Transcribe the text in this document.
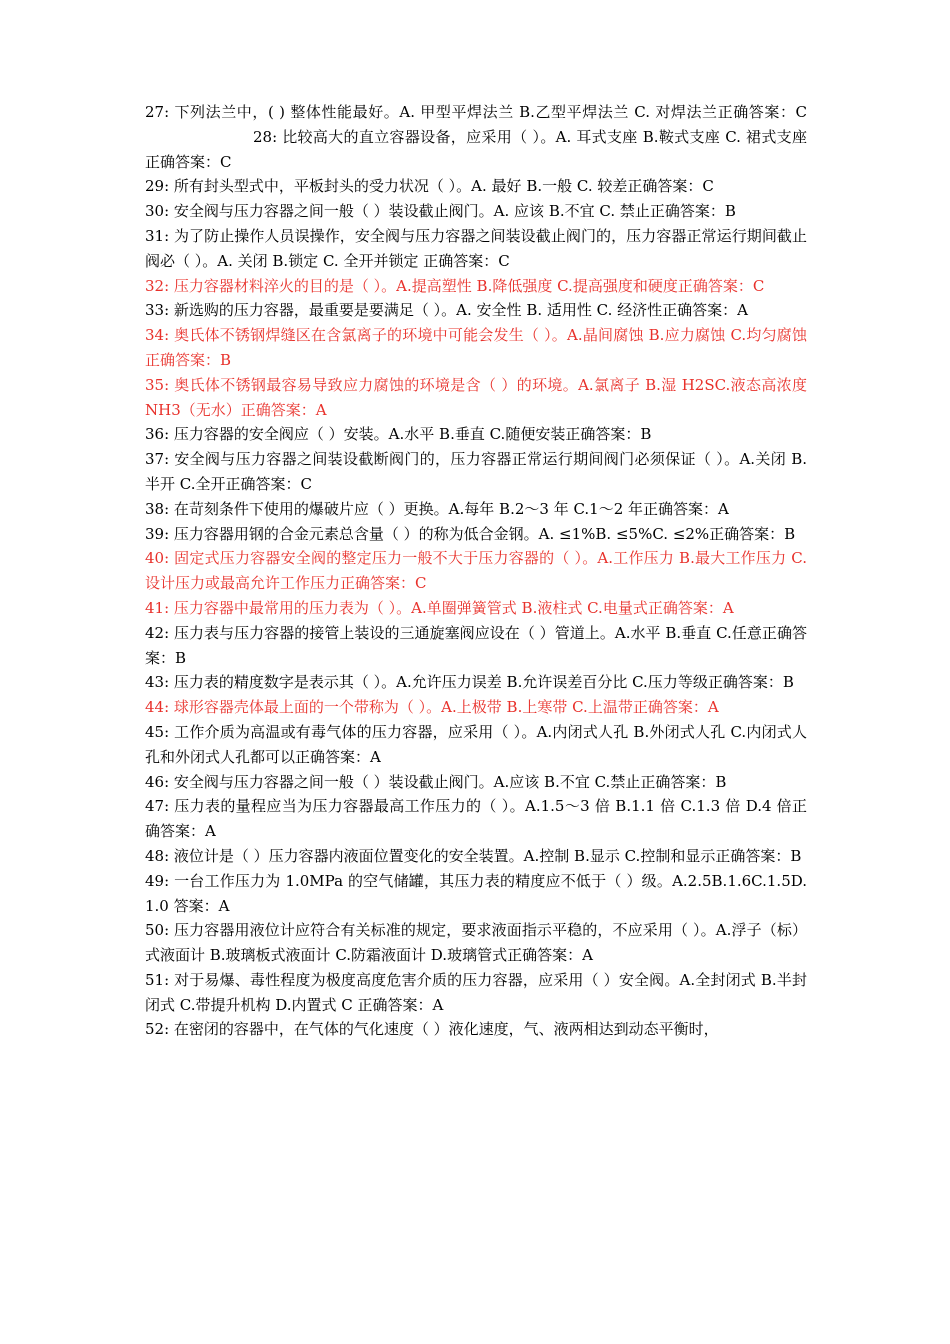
27: 下列法兰中，( ) 整体性能最好。A. 甲型平焊法兰 B.乙型平焊法兰 C. 对焊法兰正确答案：C28: 比较高大的直立容器设备，应采用（ ）。A. 耳式支座 B.鞍式支座 C. 裙式支座正确答案：C

29: 所有封头型式中，平板封头的受力状况（ ）。A. 最好 B.一般 C. 较差正确答案：C

30: 安全阀与压力容器之间一般（ ）装设截止阀门。A. 应该 B.不宜 C. 禁止正确答案：B

31: 为了防止操作人员误操作，安全阀与压力容器之间装设截止阀门的，压力容器正常运行期间截止阀必（ ）。A. 关闭 B.锁定 C. 全开并锁定 正确答案：C

32: 压力容器材料淬火的目的是（ ）。A.提高塑性 B.降低强度 C.提高强度和硬度正确答案：C

33: 新选购的压力容器，最重要是要满足（ ）。A. 安全性 B. 适用性 C. 经济性正确答案：A

34: 奥氏体不锈钢焊缝区在含氯离子的环境中可能会发生（ ）。A.晶间腐蚀 B.应力腐蚀 C.均匀腐蚀正确答案：B

35: 奥氏体不锈钢最容易导致应力腐蚀的环境是含（ ）的环境。A.氯离子 B.湿 H2SC.液态高浓度 NH3（无水）正确答案：A

36: 压力容器的安全阀应（ ）安装。A.水平 B.垂直 C.随便安装正确答案：B

37: 安全阀与压力容器之间装设截断阀门的，压力容器正常运行期间阀门必须保证（ ）。A.关闭 B.半开 C.全开正确答案：C

38: 在苛刻条件下使用的爆破片应（ ）更换。A.每年 B.2～3 年 C.1～2 年正确答案：A

39: 压力容器用钢的合金元素总含量（ ）的称为低合金钢。A. ≤1%B. ≤5%C. ≤2%正确答案：B

40: 固定式压力容器安全阀的整定压力一般不大于压力容器的（ ）。A.工作压力 B.最大工作压力 C.设计压力或最高允许工作压力正确答案：C

41: 压力容器中最常用的压力表为（ ）。A.单圈弹簧管式 B.液柱式 C.电量式正确答案：A

42: 压力表与压力容器的接管上装设的三通旋塞阀应设在（ ）管道上。A.水平 B.垂直 C.任意正确答案：B

43: 压力表的精度数字是表示其（ ）。A.允许压力误差 B.允许误差百分比 C.压力等级正确答案：B

44: 球形容器壳体最上面的一个带称为（ ）。A.上极带 B.上寒带 C.上温带正确答案：A

45: 工作介质为高温或有毒气体的压力容器，应采用（ ）。A.内闭式人孔 B.外闭式人孔 C.内闭式人孔和外闭式人孔都可以正确答案：A

46: 安全阀与压力容器之间一般（ ）装设截止阀门。A.应该 B.不宜 C.禁止正确答案：B

47: 压力表的量程应当为压力容器最高工作压力的（ ）。A.1.5～3 倍 B.1.1 倍 C.1.3 倍 D.4 倍正确答案：A

48: 液位计是（ ）压力容器内液面位置变化的安全装置。A.控制 B.显示 C.控制和显示正确答案：B

49: 一台工作压力为 1.0MPa 的空气储罐，其压力表的精度应不低于（ ）级。A.2.5B.1.6C.1.5D.1.0 答案：A

50: 压力容器用液位计应符合有关标准的规定，要求液面指示平稳的，不应采用（ ）。A.浮子（标）式液面计 B.玻璃板式液面计 C.防霜液面计 D.玻璃管式正确答案：A

51: 对于易爆、毒性程度为极度高度危害介质的压力容器，应采用（ ）安全阀。A.全封闭式 B.半封闭式 C.带提升机构 D.内置式 C 正确答案：A

52: 在密闭的容器中，在气体的气化速度（ ）液化速度，气、液两相达到动态平衡时，
